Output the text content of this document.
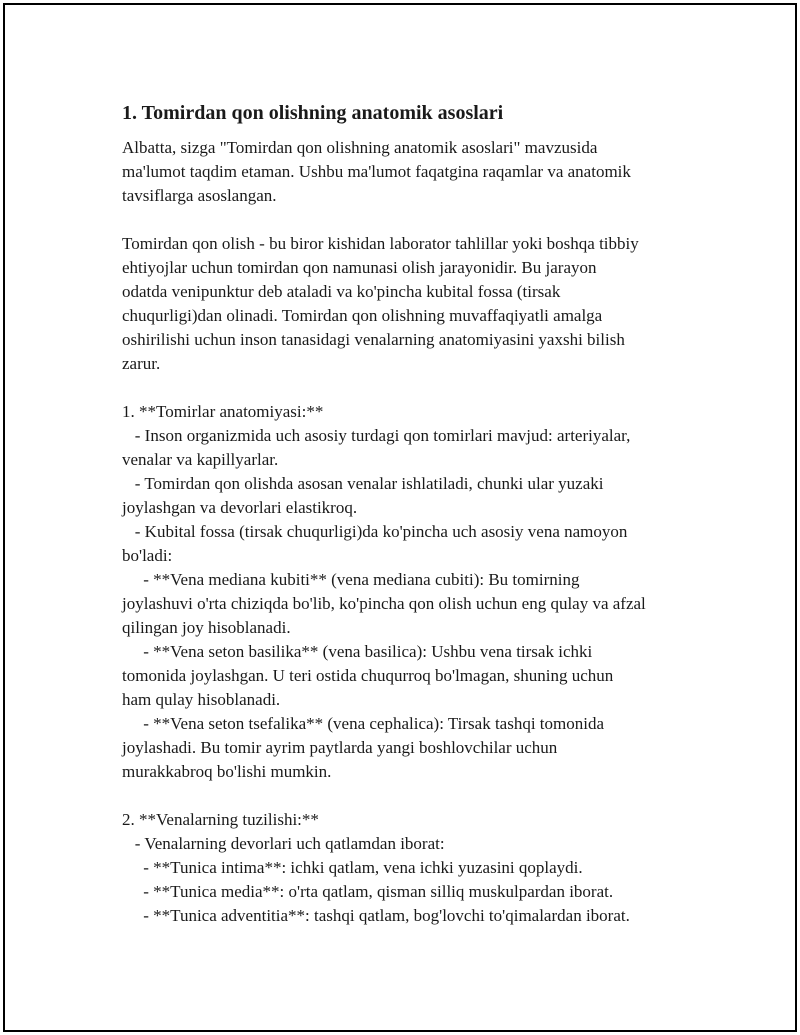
1. Tomirdan qon olishning anatomik asoslari
Albatta, sizga "Tomirdan qon olishning anatomik asoslari" mavzusida
ma'lumot taqdim etaman. Ushbu ma'lumot faqatgina raqamlar va anatomik
tavsiflarga asoslangan.
Tomirdan qon olish - bu biror kishidan laborator tahlillar yoki boshqa tibbiy
ehtiyojlar uchun tomirdan qon namunasi olish jarayonidir. Bu jarayon
odatda venipunktur deb ataladi va ko'pincha kubital fossa (tirsak
chuqurligi)dan olinadi. Tomirdan qon olishning muvaffaqiyatli amalga
oshirilishi uchun inson tanasidagi venalarning anatomiyasini yaxshi bilish
zarur.
1. **Tomirlar anatomiyasi:**
- Inson organizmida uch asosiy turdagi qon tomirlari mavjud: arteriyalar,
venalar va kapillyarlar.
- Tomirdan qon olishda asosan venalar ishlatiladi, chunki ular yuzaki
joylashgan va devorlari elastikroq.
- Kubital fossa (tirsak chuqurligi)da ko'pincha uch asosiy vena namoyon
bo'ladi:
- **Vena mediana kubiti** (vena mediana cubiti): Bu tomirning
joylashuvi o'rta chiziqda bo'lib, ko'pincha qon olish uchun eng qulay va afzal
qilingan joy hisoblanadi.
- **Vena seton basilika** (vena basilica): Ushbu vena tirsak ichki
tomonida joylashgan. U teri ostida chuqurroq bo'lmagan, shuning uchun
ham qulay hisoblanadi.
- **Vena seton tsefalika** (vena cephalica): Tirsak tashqi tomonida
joylashadi. Bu tomir ayrim paytlarda yangi boshlovchilar uchun
murakkabroq bo'lishi mumkin.
2. **Venalarning tuzilishi:**
- Venalarning devorlari uch qatlamdan iborat:
- **Tunica intima**: ichki qatlam, vena ichki yuzasini qoplaydi.
- **Tunica media**: o'rta qatlam, qisman silliq muskulpardan iborat.
- **Tunica adventitia**: tashqi qatlam, bog'lovchi to'qimalardan iborat.
